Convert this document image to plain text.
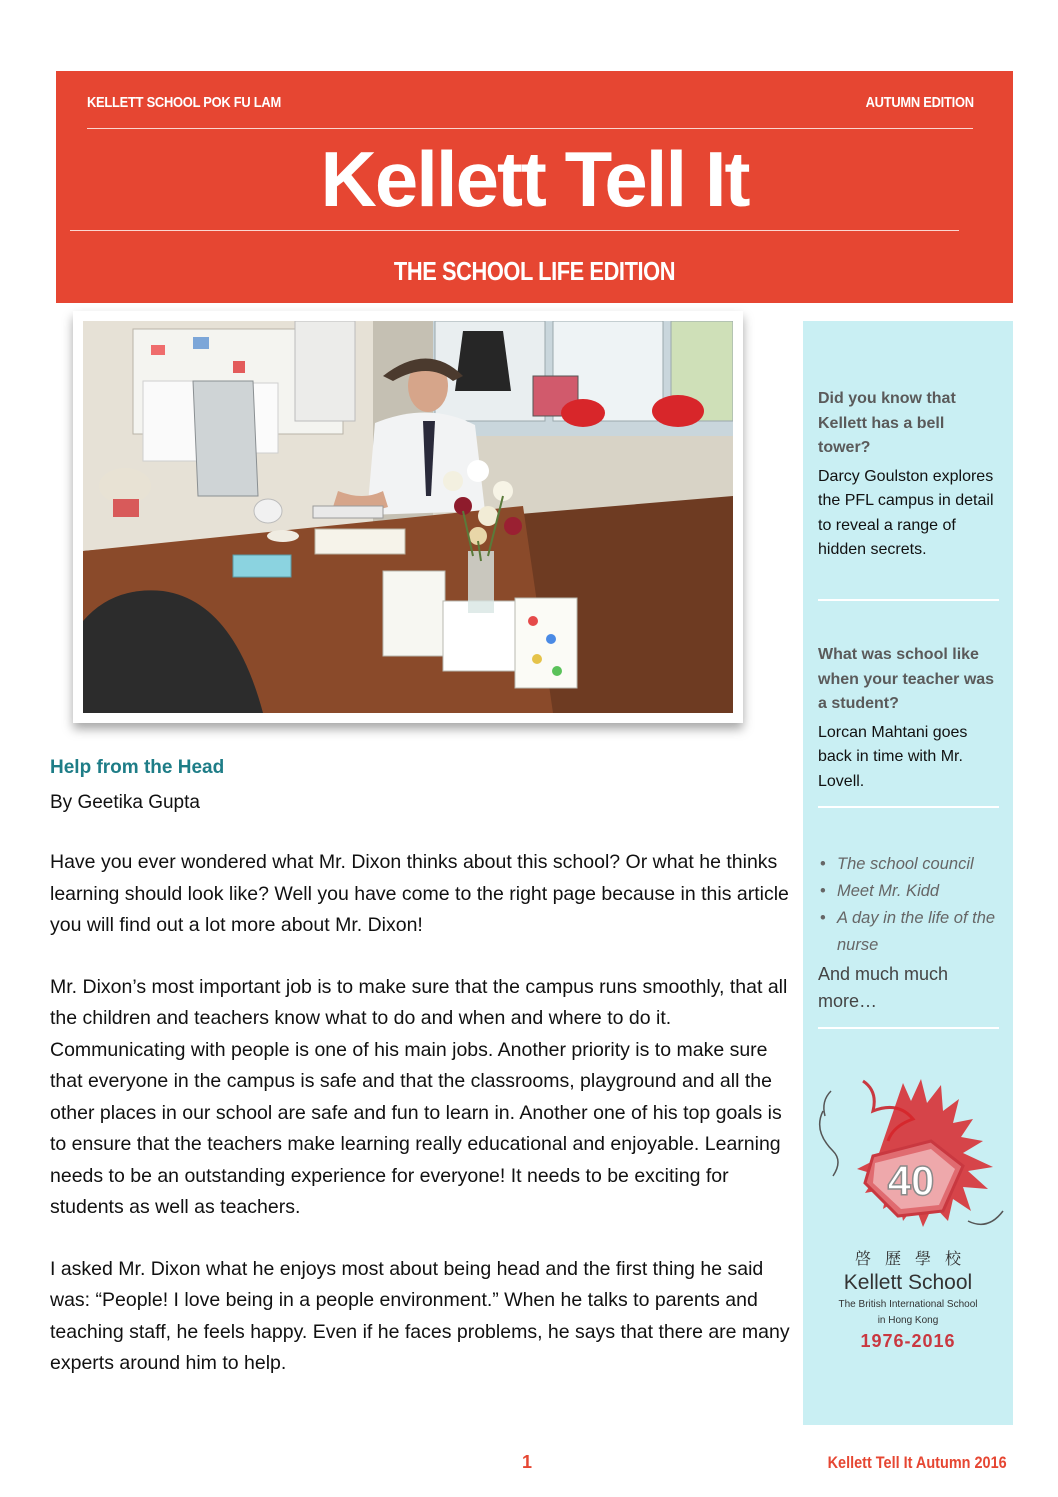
KELLETT SCHOOL POK FU LAM	AUTUMN EDITION
Kellett Tell It
THE SCHOOL LIFE EDITION
Help from the Head

By Geetika Gupta

Have you ever wondered what Mr. Dixon thinks about this school? Or what he thinks learning should look like? Well you have come to the right page because in this article you will find out a lot more about Mr. Dixon!

Mr. Dixon’s most important job is to make sure that the campus runs smoothly, that all the children and teachers know what to do and when and where to do it. Communicating with people is one of his main jobs. Another priority is to make sure that everyone in the campus is safe and that the classrooms, playground and all the other places in our school are safe and fun to learn in. Another one of his top goals is to ensure that the teachers make learning really educational and enjoyable. Learning needs to be an outstanding experience for everyone! It needs to be exciting for students as well as teachers.

I asked Mr. Dixon what he enjoys most about being head and the first thing he said was: “People! I love being in a people environment.” When he talks to parents and teaching staff, he feels happy. Even if he faces problems, he says that there are many experts around him to help.

Did you know that Kellett has a bell tower?
Darcy Goulston explores the PFL campus in detail to reveal a range of hidden secrets.
What was school like when your teacher was a student?
Lorcan Mahtani goes back in time with Mr. Lovell.
• The school council
• Meet Mr. Kidd
• A day in the life of the nurse
And much much more…
40
啓歷學校
Kellett School
The British International School
in Hong Kong
1976-2016
1	Kellett Tell It Autumn 2016
